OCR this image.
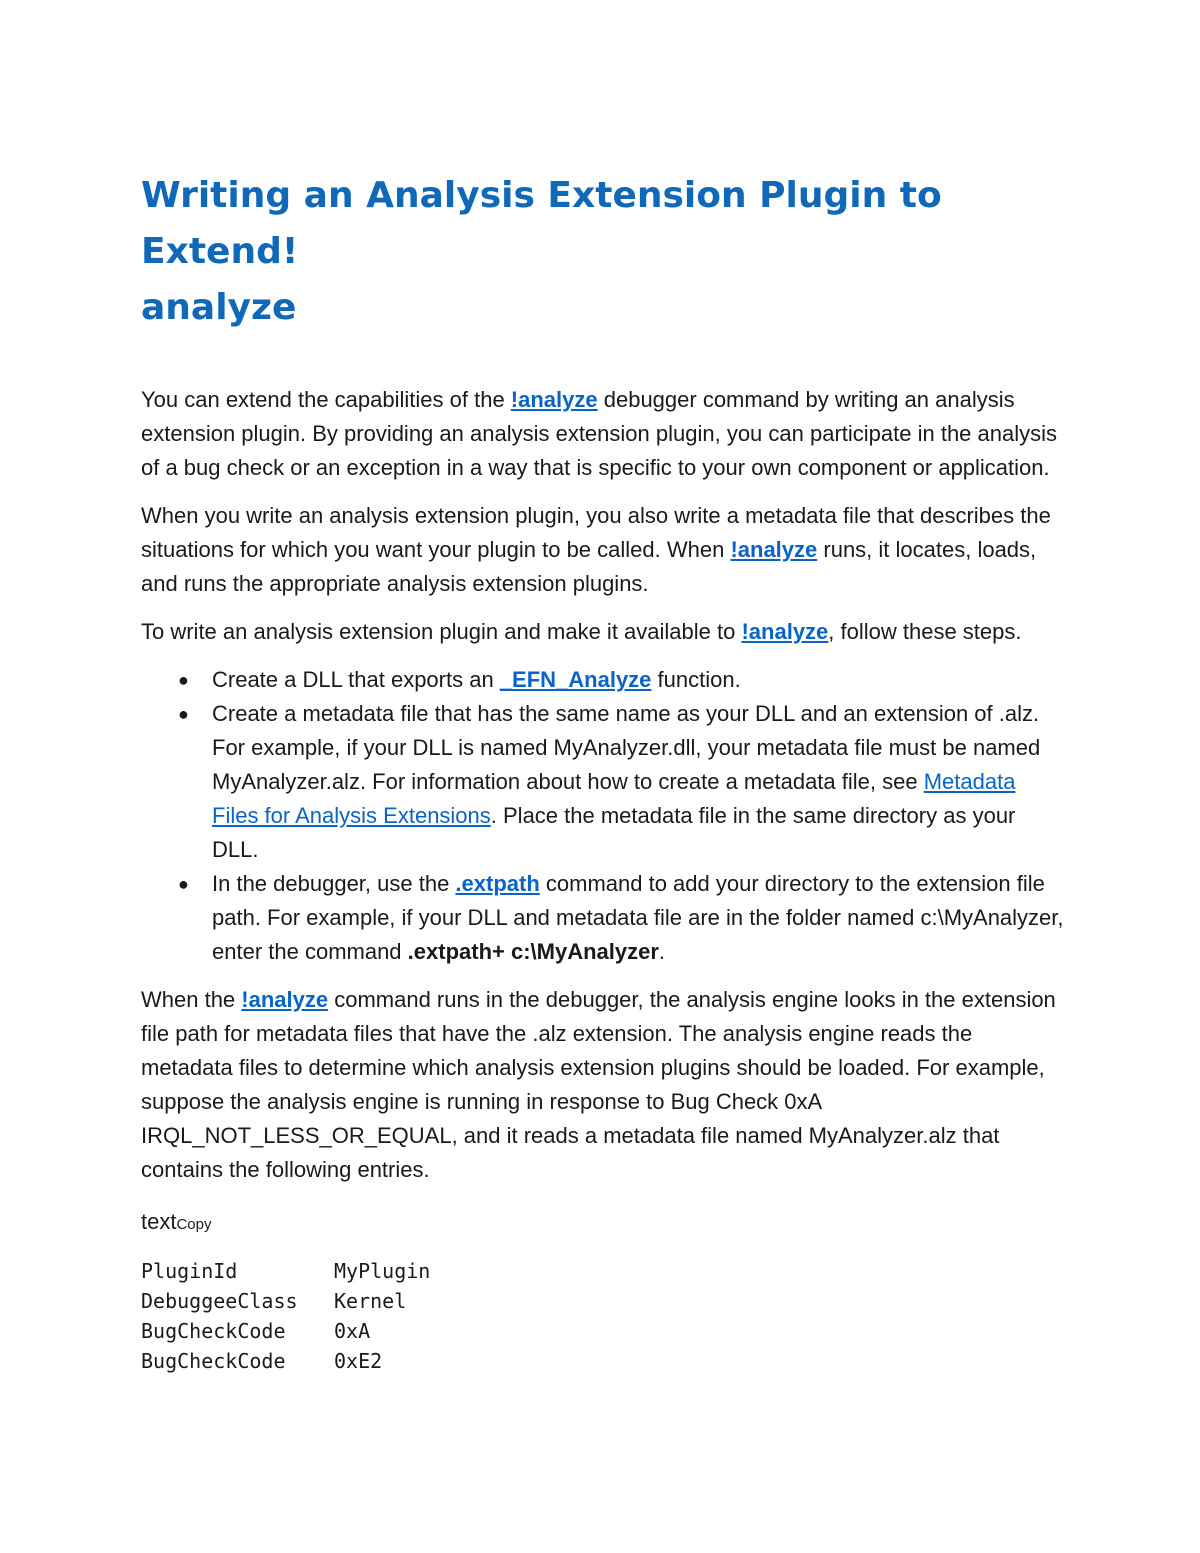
Writing an Analysis Extension Plugin to Extend!
analyze

You can extend the capabilities of the !analyze debugger command by writing an analysis extension plugin. By providing an analysis extension plugin, you can participate in the analysis of a bug check or an exception in a way that is specific to your own component or application.

When you write an analysis extension plugin, you also write a metadata file that describes the situations for which you want your plugin to be called. When !analyze runs, it locates, loads, and runs the appropriate analysis extension plugins.

To write an analysis extension plugin and make it available to !analyze, follow these steps.

● Create a DLL that exports an _EFN_Analyze function.
● Create a metadata file that has the same name as your DLL and an extension of .alz. For example, if your DLL is named MyAnalyzer.dll, your metadata file must be named MyAnalyzer.alz. For information about how to create a metadata file, see Metadata Files for Analysis Extensions. Place the metadata file in the same directory as your DLL.
● In the debugger, use the .extpath command to add your directory to the extension file path. For example, if your DLL and metadata file are in the folder named c:\MyAnalyzer, enter the command .extpath+ c:\MyAnalyzer.

When the !analyze command runs in the debugger, the analysis engine looks in the extension file path for metadata files that have the .alz extension. The analysis engine reads the metadata files to determine which analysis extension plugins should be loaded. For example, suppose the analysis engine is running in response to Bug Check 0xA IRQL_NOT_LESS_OR_EQUAL, and it reads a metadata file named MyAnalyzer.alz that contains the following entries.

textCopy
PluginId	MyPlugin
DebuggeeClass	Kernel
BugCheckCode	0xA
BugCheckCode	0xE2
